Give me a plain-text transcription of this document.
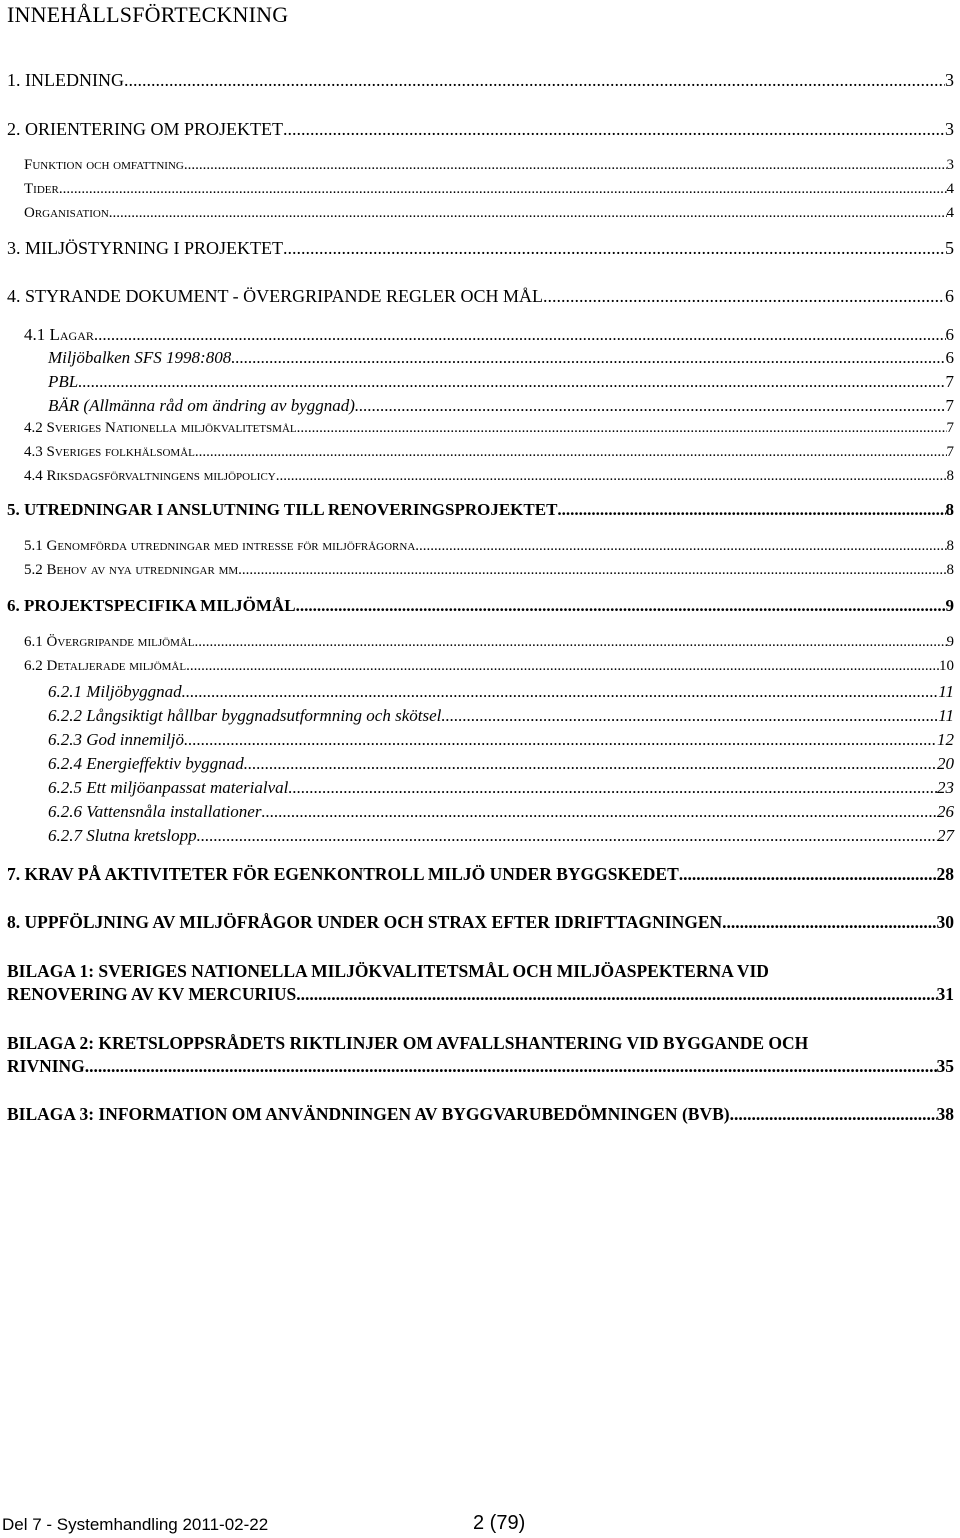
INNEHÅLLSFÖRTECKNING
1. INLEDNING .....	3
2. ORIENTERING OM PROJEKTET .....	3
Funktion och omfattning .....	3
Tider .....	4
Organisation .....	4
3. MILJÖSTYRNING I PROJEKTET .....	5
4. STYRANDE DOKUMENT - ÖVERGRIPANDE REGLER OCH MÅL .....	6
4.1 Lagar .....	6
Miljöbalken SFS 1998:808 .....	6
PBL .....	7
BÄR (Allmänna råd om ändring av byggnad) .....	7
4.2 Sveriges Nationella miljökvalitetsmål .....	7
4.3 Sveriges folkhälsomål .....	7
4.4 Riksdagsförvaltningens miljöpolicy .....	8
5. UTREDNINGAR I ANSLUTNING TILL RENOVERINGSPROJEKTET .....	8
5.1 Genomförda utredningar med intresse för miljöfrågorna .....	8
5.2 Behov av nya utredningar mm .....	8
6. PROJEKTSPECIFIKA MILJÖMÅL .....	9
6.1 Övergripande miljömål .....	9
6.2 Detaljerade miljömål .....	10
6.2.1 Miljöbyggnad .....	11
6.2.2 Långsiktigt hållbar byggnadsutformning och skötsel .....	11
6.2.3 God innemiljö .....	12
6.2.4 Energieffektiv byggnad .....	20
6.2.5 Ett miljöanpassat materialval .....	23
6.2.6 Vattensnåla installationer .....	26
6.2.7 Slutna kretslopp .....	27
7. KRAV PÅ AKTIVITETER FÖR EGENKONTROLL MILJÖ UNDER BYGGSKEDET .....	28
8. UPPFÖLJNING AV MILJÖFRÅGOR UNDER OCH STRAX EFTER IDRIFTTAGNINGEN .....	30
BILAGA 1: SVERIGES NATIONELLA MILJÖKVALITETSMÅL OCH MILJÖASPEKTERNA VID
RENOVERING AV KV MERCURIUS. .....	31
BILAGA 2: KRETSLOPPSRÅDETS RIKTLINJER OM AVFALLSHANTERING VID BYGGANDE OCH
RIVNING .....	35
BILAGA 3: INFORMATION OM ANVÄNDNINGEN AV BYGGVARUBEDÖMNINGEN (BVB) .....	38
Del 7 - Systemhandling 2011-02-22	2 (79)
